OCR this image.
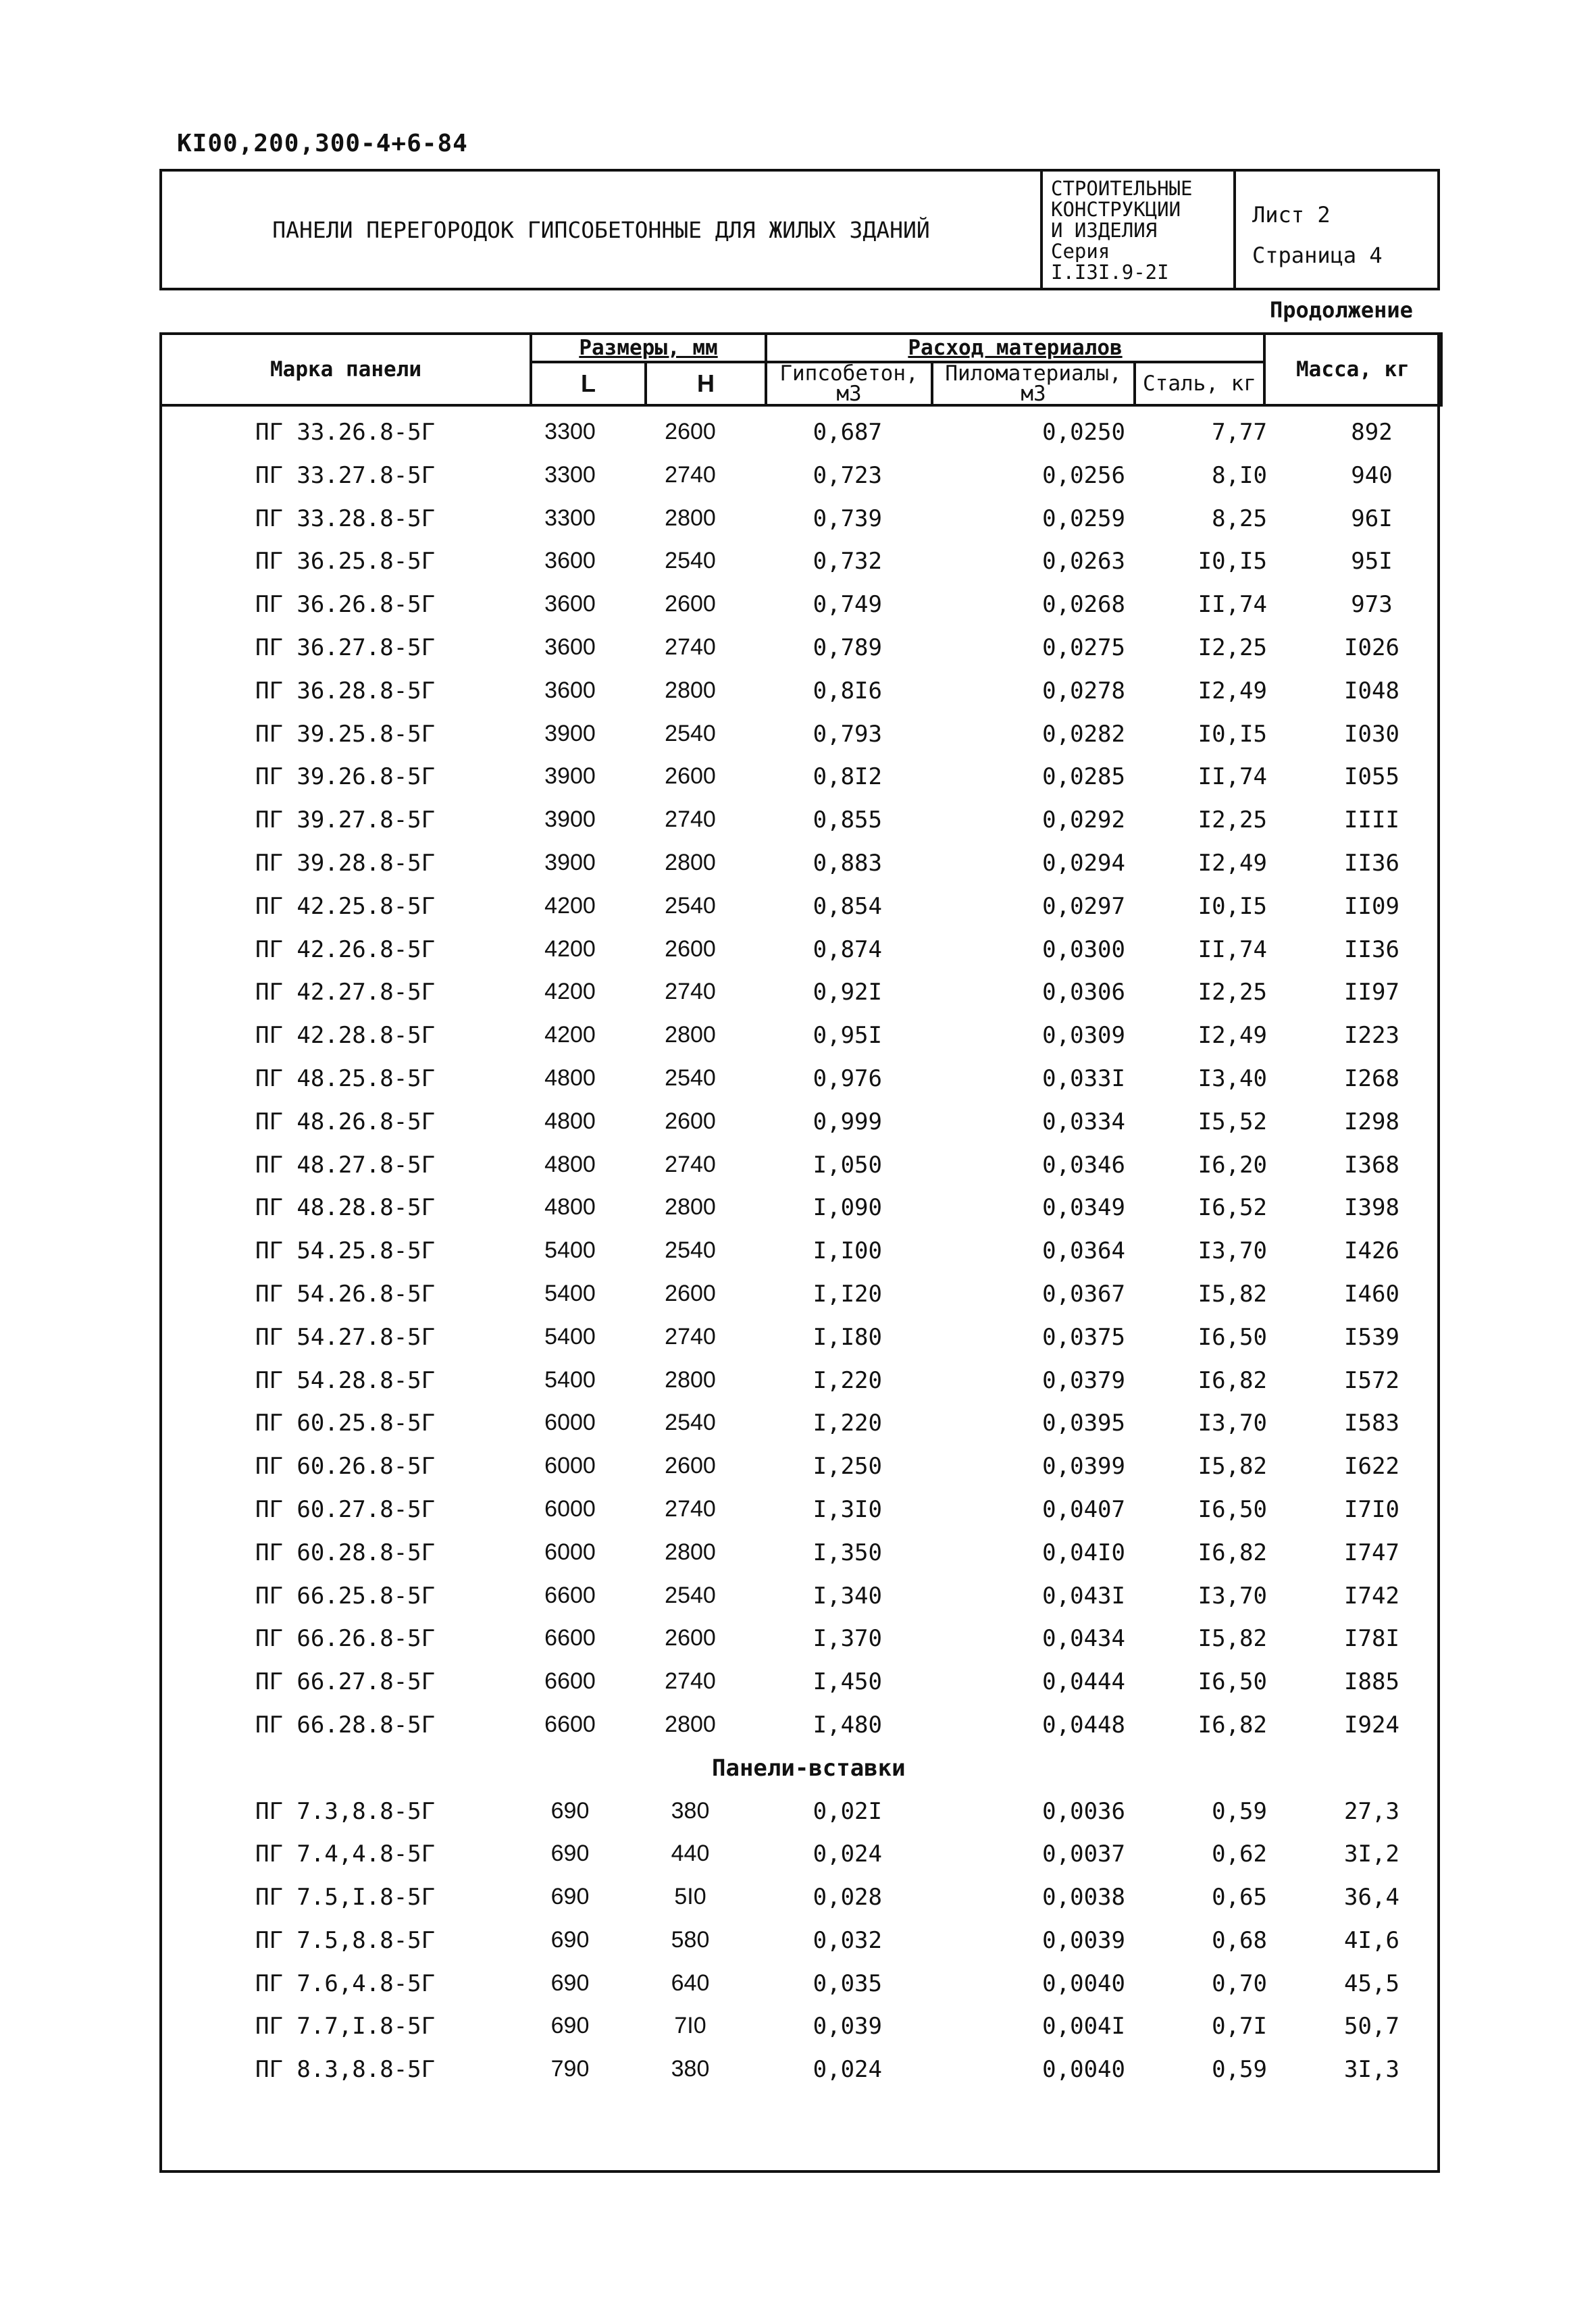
КI00,200,300-4+6-84
ПАНЕЛИ ПЕРЕГОРОДОК ГИПСОБЕТОННЫЕ ДЛЯ ЖИЛЫХ ЗДАНИЙ
СТРОИТЕЛЬНЫЕ
КОНСТРУКЦИИ
И ИЗДЕЛИЯ
Серия
I.I3I.9-2I
Лист 2
Страница 4
Продолжение
Марка панели	Размеры, мм		Расход материалов			Масса, кг
	L	H	Гипсобетон, м3	Пиломатериалы, м3	Сталь, кг	
ПГ 33.26.8-5Г	3300	2600	0,687	0,0250	7,77	892
ПГ 33.27.8-5Г	3300	2740	0,723	0,0256	8,I0	940
ПГ 33.28.8-5Г	3300	2800	0,739	0,0259	8,25	96I
ПГ 36.25.8-5Г	3600	2540	0,732	0,0263	I0,I5	95I
ПГ 36.26.8-5Г	3600	2600	0,749	0,0268	II,74	973
ПГ 36.27.8-5Г	3600	2740	0,789	0,0275	I2,25	I026
ПГ 36.28.8-5Г	3600	2800	0,8I6	0,0278	I2,49	I048
ПГ 39.25.8-5Г	3900	2540	0,793	0,0282	I0,I5	I030
ПГ 39.26.8-5Г	3900	2600	0,8I2	0,0285	II,74	I055
ПГ 39.27.8-5Г	3900	2740	0,855	0,0292	I2,25	IIII
ПГ 39.28.8-5Г	3900	2800	0,883	0,0294	I2,49	II36
ПГ 42.25.8-5Г	4200	2540	0,854	0,0297	I0,I5	II09
ПГ 42.26.8-5Г	4200	2600	0,874	0,0300	II,74	II36
ПГ 42.27.8-5Г	4200	2740	0,92I	0,0306	I2,25	II97
ПГ 42.28.8-5Г	4200	2800	0,95I	0,0309	I2,49	I223
ПГ 48.25.8-5Г	4800	2540	0,976	0,033I	I3,40	I268
ПГ 48.26.8-5Г	4800	2600	0,999	0,0334	I5,52	I298
ПГ 48.27.8-5Г	4800	2740	I,050	0,0346	I6,20	I368
ПГ 48.28.8-5Г	4800	2800	I,090	0,0349	I6,52	I398
ПГ 54.25.8-5Г	5400	2540	I,I00	0,0364	I3,70	I426
ПГ 54.26.8-5Г	5400	2600	I,I20	0,0367	I5,82	I460
ПГ 54.27.8-5Г	5400	2740	I,I80	0,0375	I6,50	I539
ПГ 54.28.8-5Г	5400	2800	I,220	0,0379	I6,82	I572
ПГ 60.25.8-5Г	6000	2540	I,220	0,0395	I3,70	I583
ПГ 60.26.8-5Г	6000	2600	I,250	0,0399	I5,82	I622
ПГ 60.27.8-5Г	6000	2740	I,3I0	0,0407	I6,50	I7I0
ПГ 60.28.8-5Г	6000	2800	I,350	0,04I0	I6,82	I747
ПГ 66.25.8-5Г	6600	2540	I,340	0,043I	I3,70	I742
ПГ 66.26.8-5Г	6600	2600	I,370	0,0434	I5,82	I78I
ПГ 66.27.8-5Г	6600	2740	I,450	0,0444	I6,50	I885
ПГ 66.28.8-5Г	6600	2800	I,480	0,0448	I6,82	I924
Панели-вставки
ПГ 7.3,8.8-5Г	690	380	0,02I	0,0036	0,59	27,3
ПГ 7.4,4.8-5Г	690	440	0,024	0,0037	0,62	3I,2
ПГ 7.5,I.8-5Г	690	5I0	0,028	0,0038	0,65	36,4
ПГ 7.5,8.8-5Г	690	580	0,032	0,0039	0,68	4I,6
ПГ 7.6,4.8-5Г	690	640	0,035	0,0040	0,70	45,5
ПГ 7.7,I.8-5Г	690	7I0	0,039	0,004I	0,7I	50,7
ПГ 8.3,8.8-5Г	790	380	0,024	0,0040	0,59	3I,3
